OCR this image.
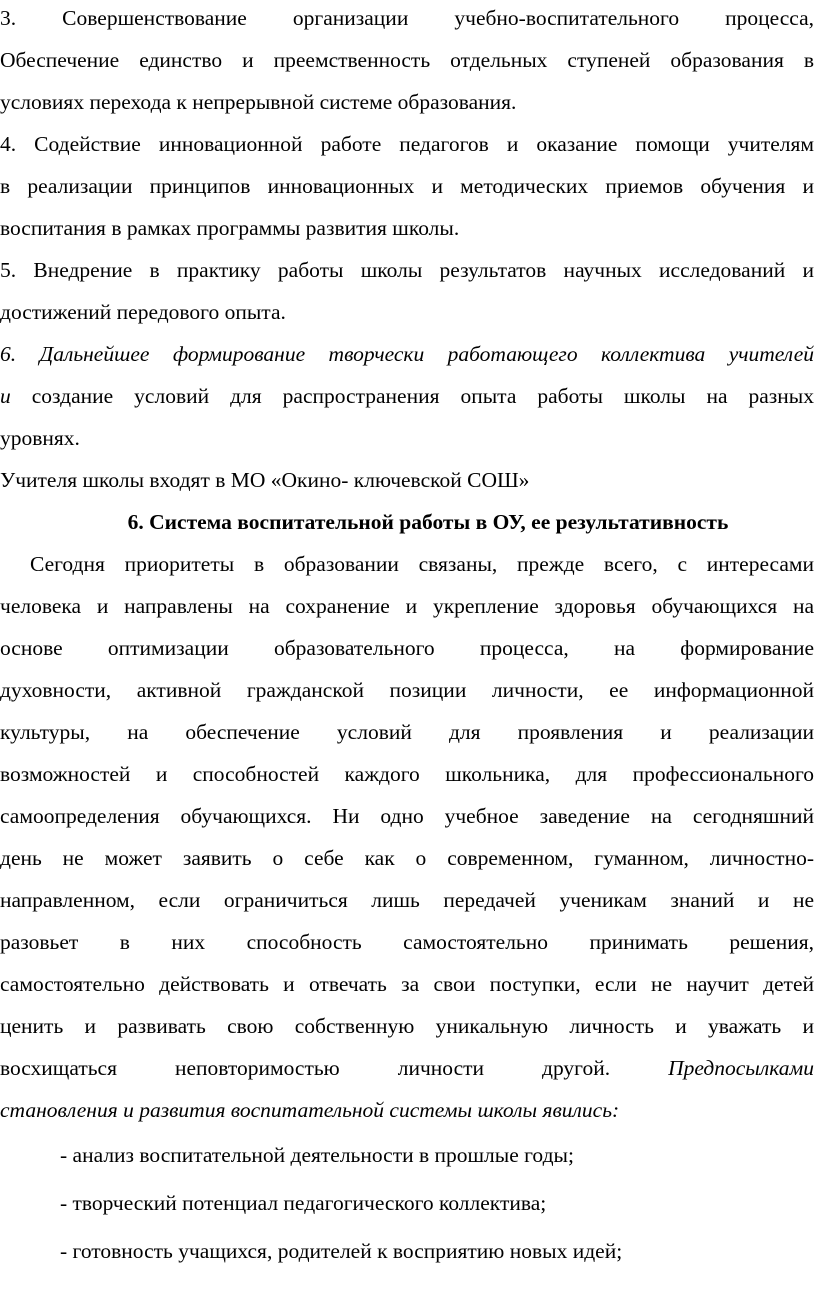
3. Совершенствование организации учебно-воспитательного процесса,
Обеспечение единство и преемственность отдельных ступеней образования в
условиях перехода к непрерывной системе образования.
4. Содействие инновационной работе педагогов и оказание помощи учителям
в реализации принципов инновационных и методических приемов обучения и
воспитания в рамках программы развития школы.
5. Внедрение в практику работы школы результатов научных исследований и
достижений передового опыта.
6. Дальнейшее формирование творчески работающего коллектива учителей
и создание условий для распространения опыта работы школы на разных
уровнях.
Учителя школы входят в МО «Окино- ключевской СОШ»
6. Система воспитательной работы в ОУ, ее результативность
Сегодня приоритеты в образовании связаны, прежде всего, с интересами
человека и направлены на сохранение и укрепление здоровья обучающихся на
основе оптимизации образовательного процесса, на формирование
духовности, активной гражданской позиции личности, ее информационной
культуры, на обеспечение условий для проявления и реализации
возможностей и способностей каждого школьника, для профессионального
самоопределения обучающихся. Ни одно учебное заведение на сегодняшний
день не может заявить о себе как о современном, гуманном, личностно-
направленном, если ограничиться лишь передачей ученикам знаний и не
разовьет в них способность самостоятельно принимать решения,
самостоятельно действовать и отвечать за свои поступки, если не научит детей
ценить и развивать свою собственную уникальную личность и уважать и
восхищаться неповторимостью личности другой.	Предпосылками
становления и развития воспитательной системы школы явились:
- анализ воспитательной деятельности в прошлые годы;
- творческий потенциал педагогического коллектива;
- готовность учащихся, родителей к восприятию новых идей;
